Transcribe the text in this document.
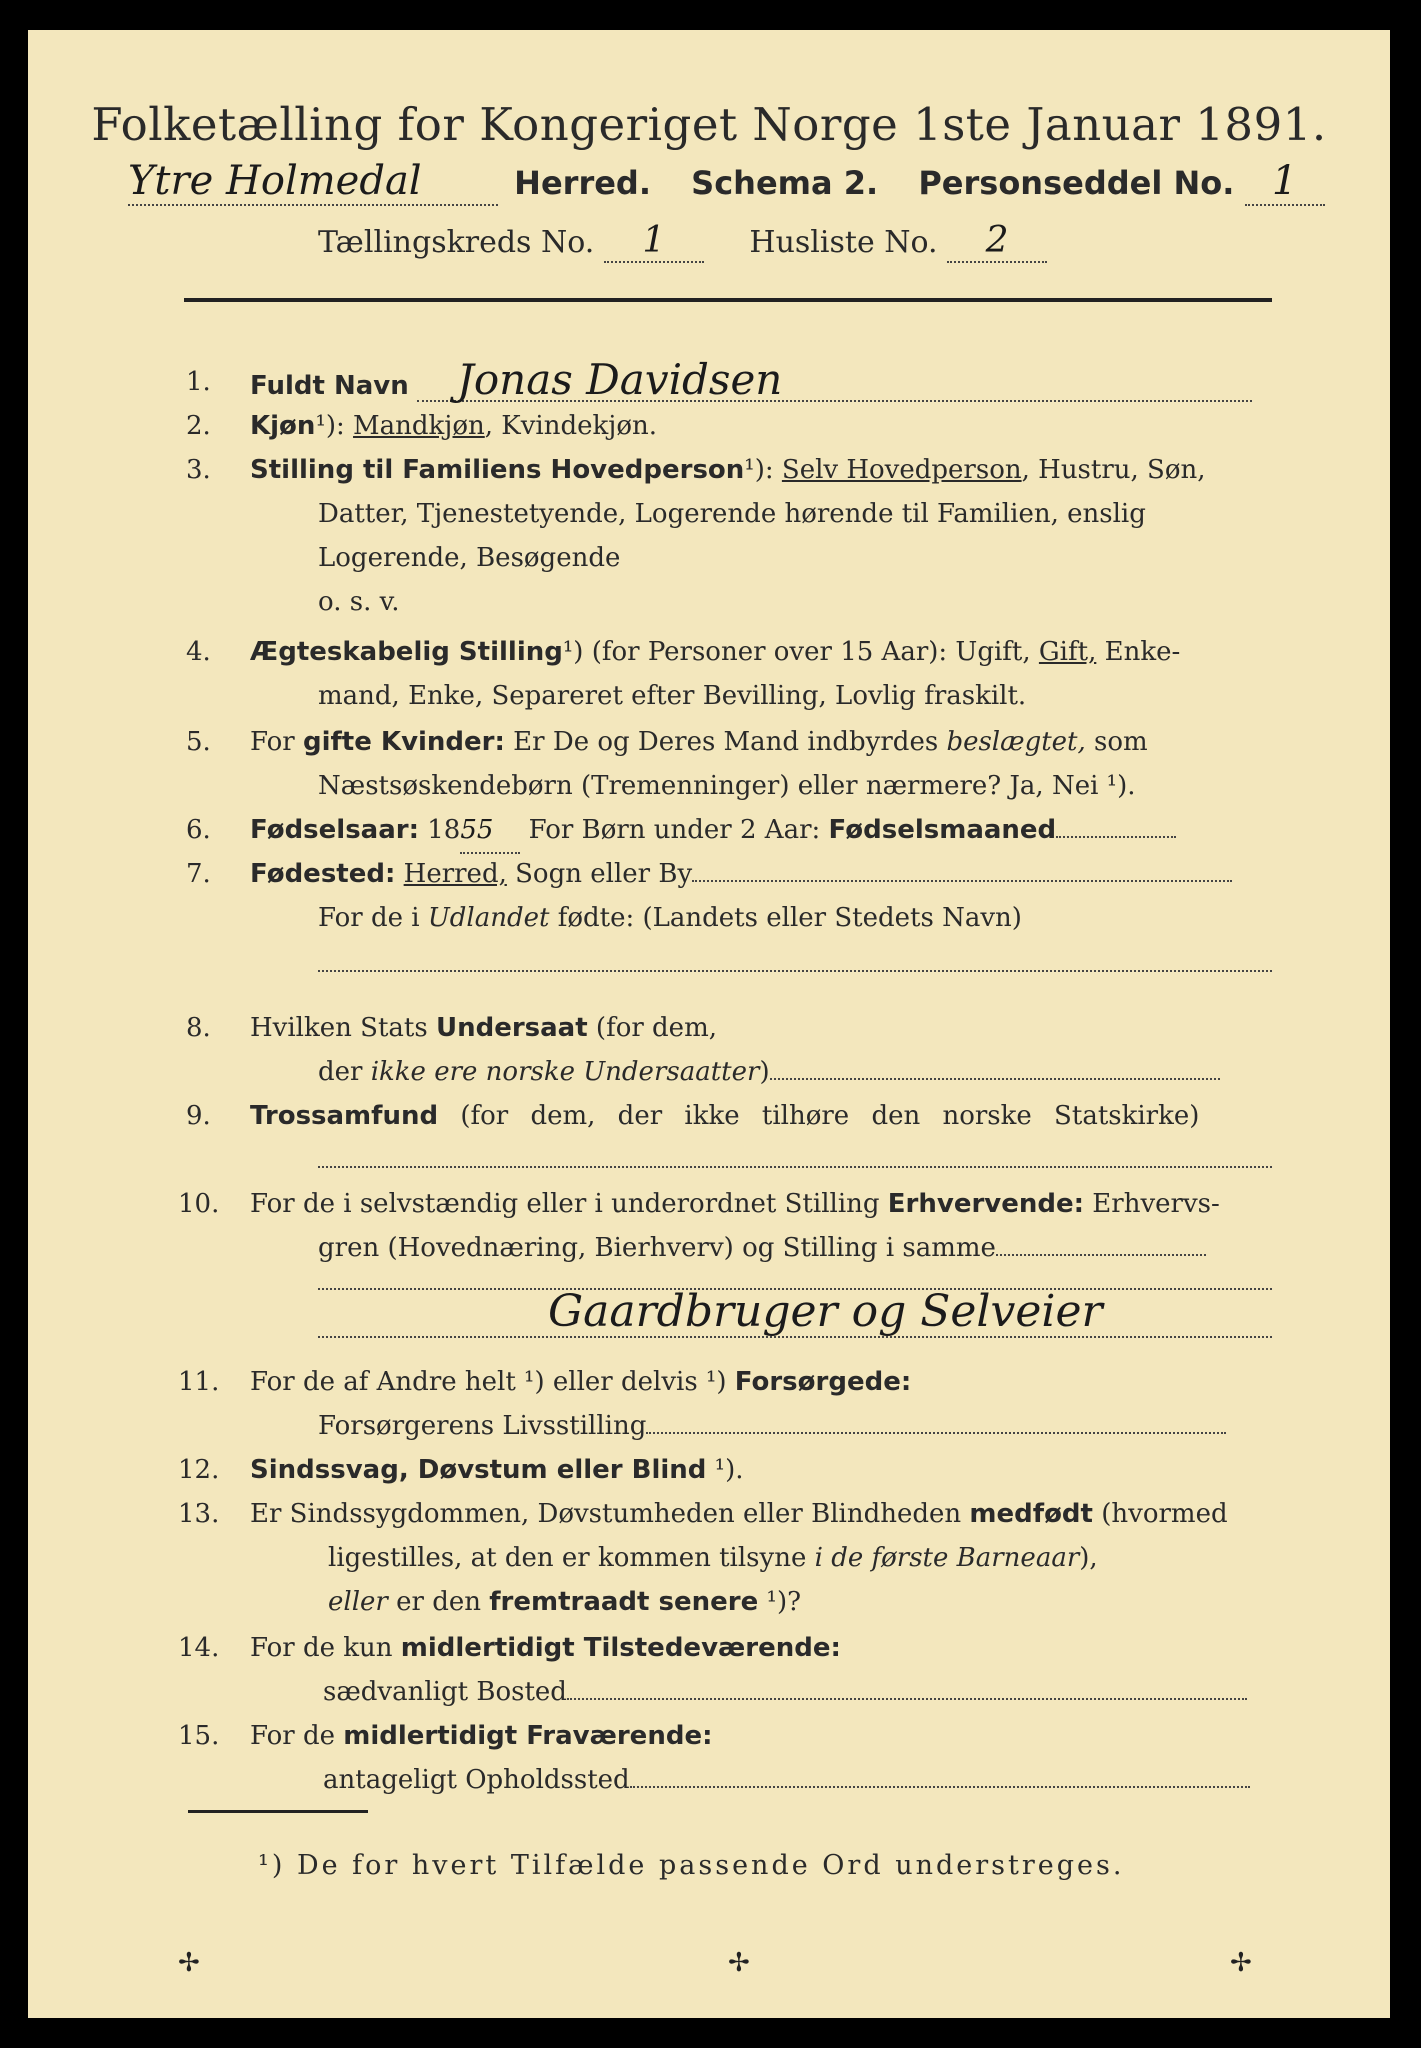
Folketælling for Kongeriget Norge 1ste Januar 1891.
Ytre Holmedal	Herred. Schema 2. Personseddel No. 1
Tællingskreds No. 1	Husliste No. 2
1.	Fuldt Navn Jonas Davidsen
2.	Kjøn¹): Mandkjøn, Kvindekjøn.
3.	Stilling til Familiens Hovedperson¹): Selv Hovedperson, Hustru, Søn,
Datter, Tjenestetyende, Logerende hørende til Familien, enslig
Logerende, Besøgende
o. s. v.
4.	Ægteskabelig Stilling¹) (for Personer over 15 Aar): Ugift, Gift, Enke-
mand, Enke, Separeret efter Bevilling, Lovlig fraskilt.
5.	For gifte Kvinder: Er De og Deres Mand indbyrdes beslægtet, som
Næstsøskendebørn (Tremenninger) eller nærmere? Ja, Nei ¹).
6.	Fødselsaar: 1855 For Børn under 2 Aar: Fødselsmaaned
7.	Fødested: Herred, Sogn eller By
For de i Udlandet fødte: (Landets eller Stedets Navn)
8.	Hvilken Stats Undersaat (for dem,
der ikke ere norske Undersaatter)
9.	Trossamfund (for dem, der ikke tilhøre den norske Statskirke)
10.	For de i selvstændig eller i underordnet Stilling Erhvervende: Erhvervs-
gren (Hovednæring, Bierhverv) og Stilling i samme
Gaardbruger og Selveier
11.	For de af Andre helt ¹) eller delvis ¹) Forsørgede:
Forsørgerens Livsstilling
12.	Sindssvag, Døvstum eller Blind ¹).
13.	Er Sindssygdommen, Døvstumheden eller Blindheden medfødt (hvormed
ligestilles, at den er kommen tilsyne i de første Barneaar),
eller er den fremtraadt senere ¹)?
14.	For de kun midlertidigt Tilstedeværende:
sædvanligt Bosted
15.	For de midlertidigt Fraværende:
antageligt Opholdssted
¹) De for hvert Tilfælde passende Ord understreges.
✢	✢	✢
